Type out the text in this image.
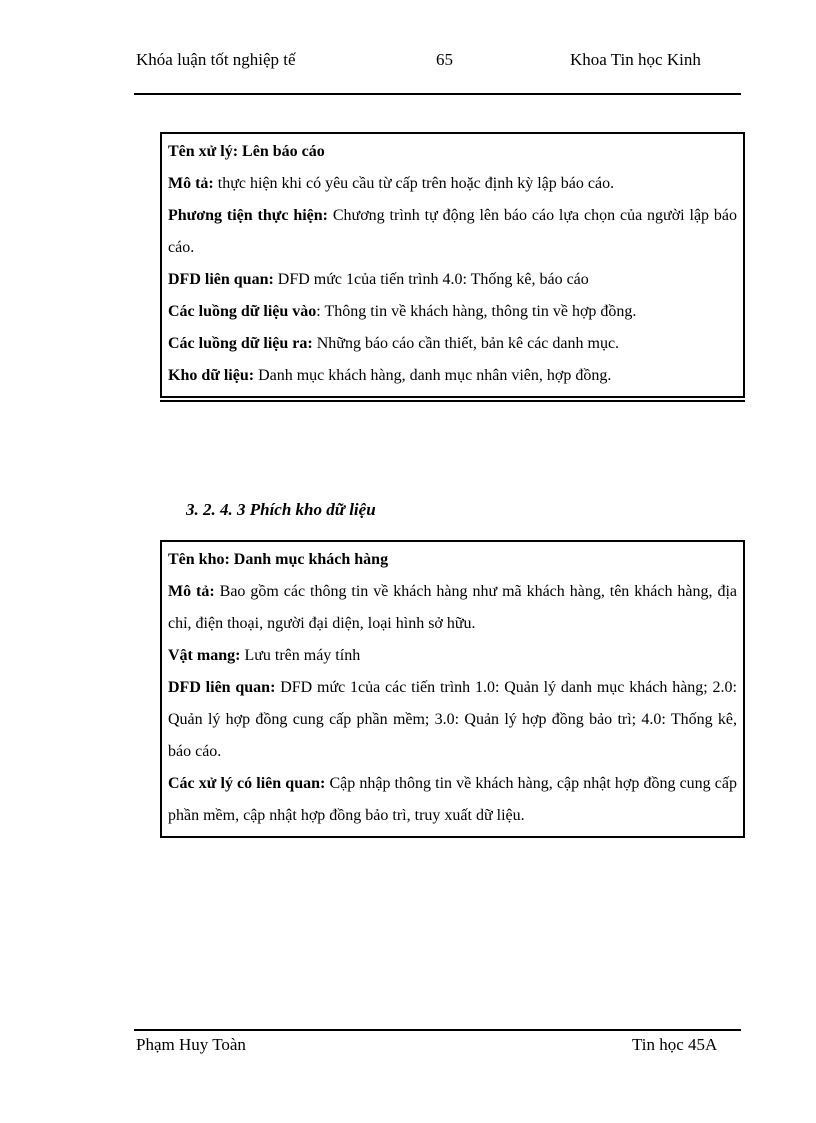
Khóa luận tốt nghiệp tế	65	Khoa Tin học Kinh

Tên xử lý: Lên báo cáo

Mô tả: thực hiện khi có yêu cầu từ cấp trên hoặc định kỳ lập báo cáo.

Phương tiện thực hiện: Chương trình tự động lên báo cáo lựa chọn của người lập báo cáo.

DFD liên quan: DFD mức 1của tiến trình 4.0: Thống kê, báo cáo

Các luồng dữ liệu vào: Thông tin về khách hàng, thông tin về hợp đồng.

Các luồng dữ liệu ra: Những báo cáo cần thiết, bản kê các danh mục.

Kho dữ liệu: Danh mục khách hàng, danh mục nhân viên, hợp đồng.

3. 2. 4. 3 Phích kho dữ liệu

Tên kho: Danh mục khách hàng

Mô tả: Bao gồm các thông tin về khách hàng như mã khách hàng, tên khách hàng, địa chỉ, điện thoại, người đại diện, loại hình sở hữu.

Vật mang: Lưu trên máy tính

DFD liên quan: DFD mức 1của các tiến trình 1.0: Quản lý danh mục khách hàng; 2.0: Quản lý hợp đồng cung cấp phần mềm; 3.0: Quản lý hợp đồng bảo trì; 4.0: Thống kê, báo cáo.

Các xử lý có liên quan: Cập nhập thông tin về khách hàng, cập nhật hợp đồng cung cấp phần mềm, cập nhật hợp đồng bảo trì, truy xuất dữ liệu.

Phạm Huy Toàn	Tin học 45A
